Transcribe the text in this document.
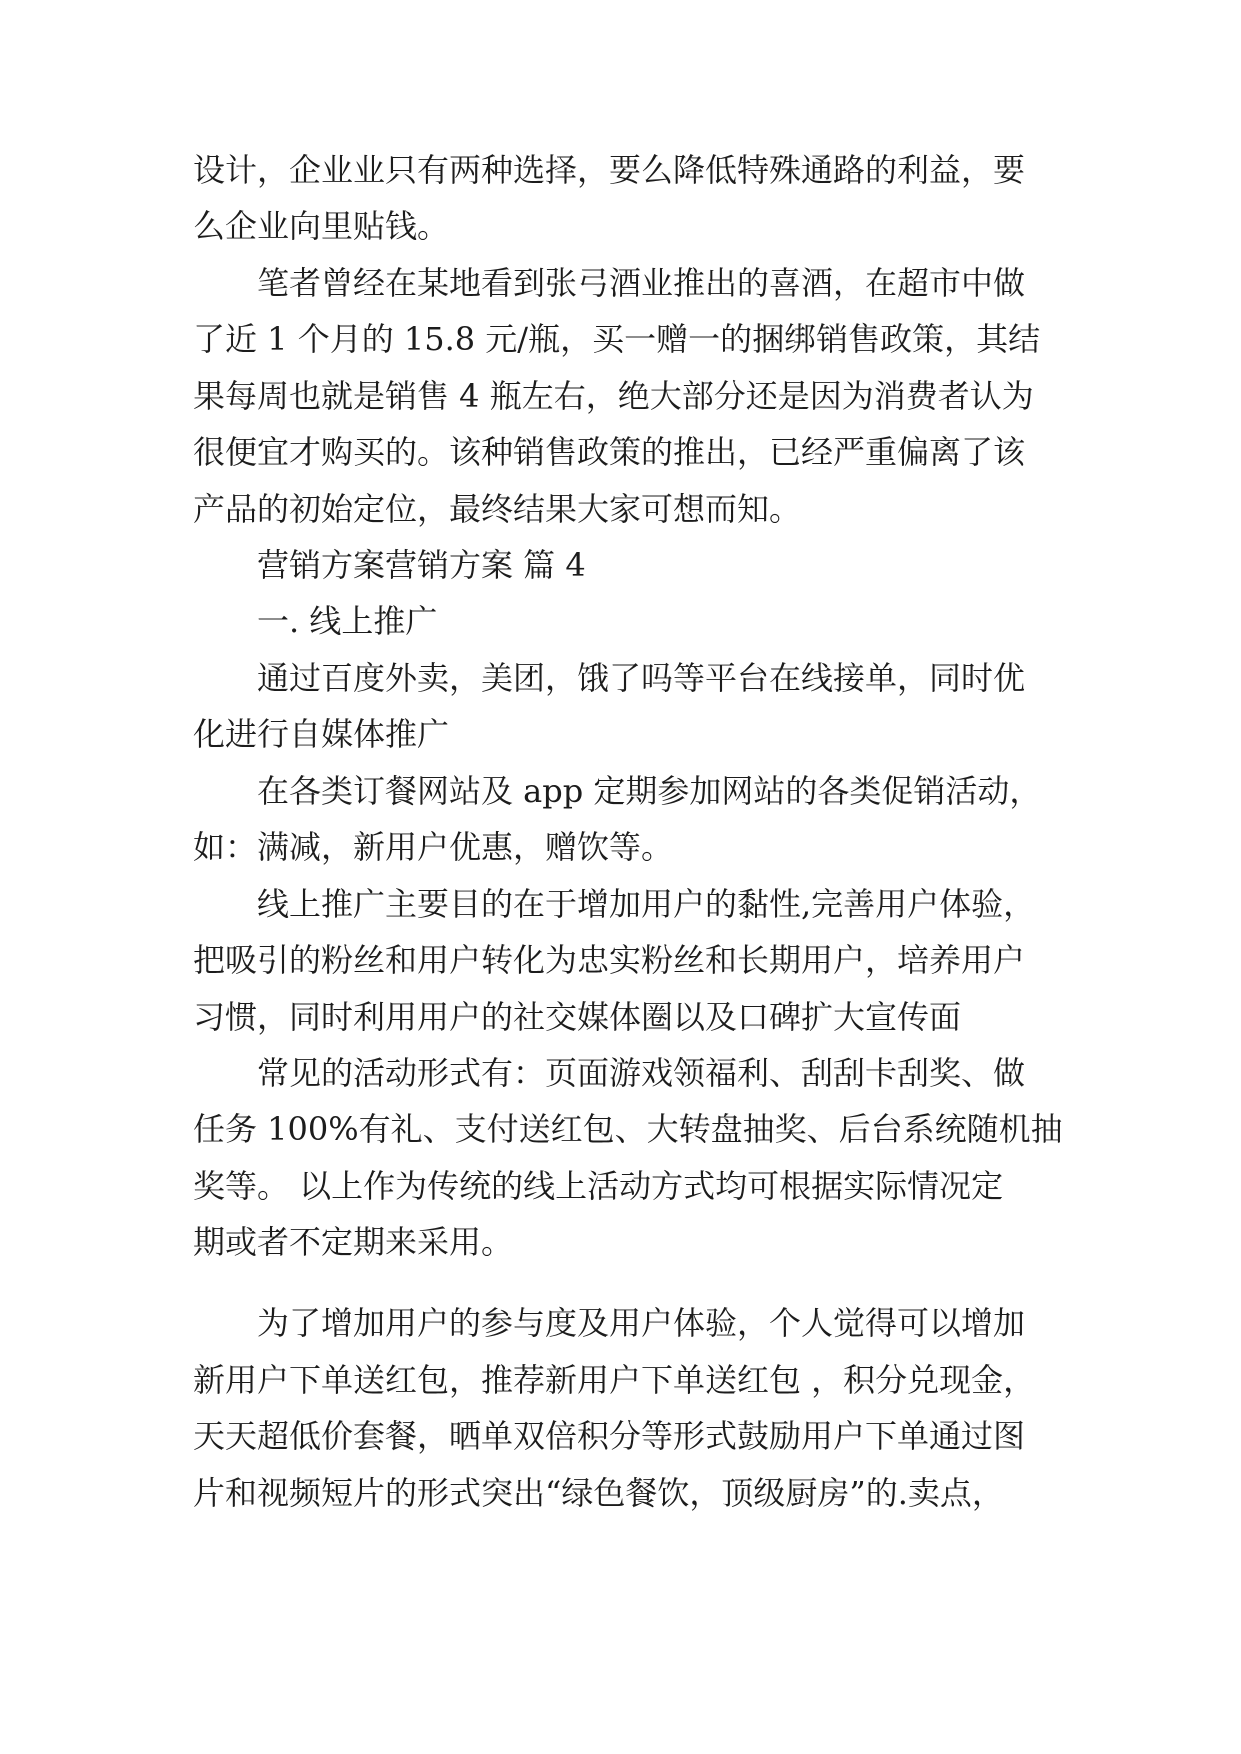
设计，企业业只有两种选择，要么降低特殊通路的利益，要
么企业向里贴钱。
笔者曾经在某地看到张弓酒业推出的喜酒，在超市中做
了近 1 个月的 15.8 元/瓶，买一赠一的捆绑销售政策，其结
果每周也就是销售 4 瓶左右，绝大部分还是因为消费者认为
很便宜才购买的。该种销售政策的推出，已经严重偏离了该
产品的初始定位，最终结果大家可想而知。
营销方案营销方案 篇 4
一. 线上推广
通过百度外卖，美团，饿了吗等平台在线接单，同时优
化进行自媒体推广
在各类订餐网站及 app 定期参加网站的各类促销活动，
如：满减，新用户优惠，赠饮等。
线上推广主要目的在于增加用户的黏性,完善用户体验，
把吸引的粉丝和用户转化为忠实粉丝和长期用户，培养用户
习惯，同时利用用户的社交媒体圈以及口碑扩大宣传面
常见的活动形式有：页面游戏领福利、刮刮卡刮奖、做
任务 100%有礼、支付送红包、大转盘抽奖、后台系统随机抽
奖等。 以上作为传统的线上活动方式均可根据实际情况定
期或者不定期来采用。
为了增加用户的参与度及用户体验，个人觉得可以增加
新用户下单送红包，推荐新用户下单送红包 ，积分兑现金，
天天超低价套餐，晒单双倍积分等形式鼓励用户下单通过图
片和视频短片的形式突出“绿色餐饮，顶级厨房”的.卖点，
